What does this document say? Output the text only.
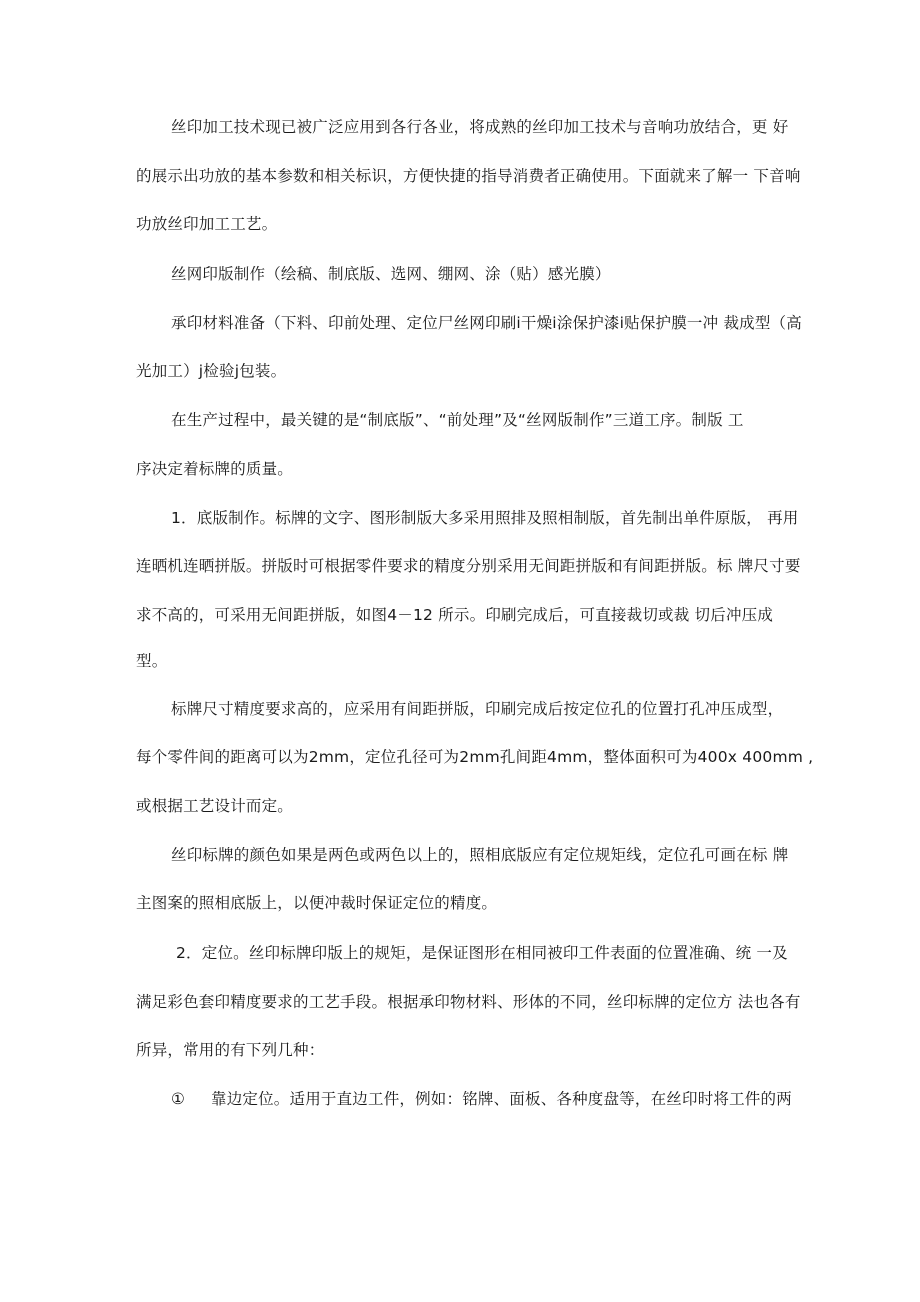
丝印加工技术现已被广泛应用到各行各业，将成熟的丝印加工技术与音响功放结合，更 好
的展示出功放的基本参数和相关标识，方便快捷的指导消费者正确使用。下面就来了解一 下音响
功放丝印加工工艺。
丝网印版制作（绘稿、制底版、选网、绷网、涂（贴）感光膜）
承印材料准备（下料、印前处理、定位尸丝网印刷i干燥i涂保护漆i贴保护膜一冲 裁成型（高
光加工）j检验j包装。
在生产过程中，最关键的是“制底版”、“前处理”及“丝网版制作”三道工序。制版 工
序决定着标牌的质量。
1．底版制作。标牌的文字、图形制版大多采用照排及照相制版，首先制出单件原版， 再用
连晒机连晒拼版。拼版时可根据零件要求的精度分别采用无间距拼版和有间距拼版。标 牌尺寸要
求不高的，可采用无间距拼版，如图4－12 所示。印刷完成后，可直接裁切或裁 切后冲压成
型。
标牌尺寸精度要求高的，应采用有间距拼版，印刷完成后按定位孔的位置打孔冲压成型，
每个零件间的距离可以为2mm，定位孔径可为2mm孔间距4mm，整体面积可为400x 400mm ,
或根据工艺设计而定。
丝印标牌的颜色如果是两色或两色以上的，照相底版应有定位规矩线，定位孔可画在标 牌
主图案的照相底版上，以便冲裁时保证定位的精度。
2．定位。丝印标牌印版上的规矩，是保证图形在相同被印工件表面的位置准确、统 一及
满足彩色套印精度要求的工艺手段。根据承印物材料、形体的不同，丝印标牌的定位方 法也各有
所异，常用的有下列几种：
① 靠边定位。适用于直边工件，例如：铭牌、面板、各种度盘等，在丝印时将工件的两
